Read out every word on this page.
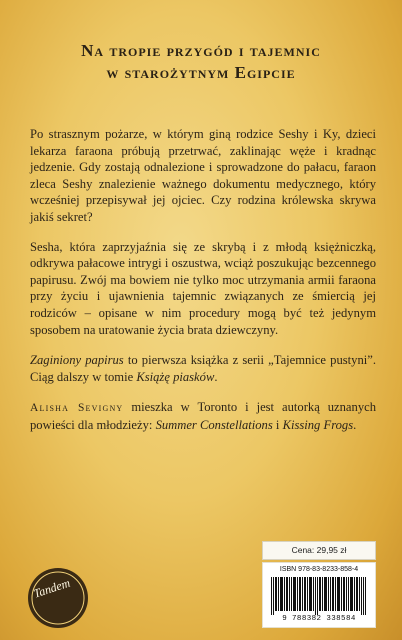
Na tropie przygód i tajemnic
w starożytnym Egipcie

Po strasznym pożarze, w którym giną rodzice Seshy i Ky, dzieci lekarza faraona próbują przetrwać, zaklinając węże i kradnąc jedzenie. Gdy zostają odnalezione i sprowadzone do pałacu, faraon zleca Seshy znalezienie ważnego dokumentu medycznego, który wcześniej przepisywał jej ojciec. Czy rodzina królewska skrywa jakiś sekret?

Sesha, która zaprzyjaźnia się ze skrybą i z młodą księżniczką, odkrywa pałacowe intrygi i oszustwa, wciąż poszukując bezcennego papirusu. Zwój ma bowiem nie tylko moc utrzymania armii faraona przy życiu i ujawnienia tajemnic związanych ze śmiercią jej rodziców – opisane w nim procedury mogą być też jedynym sposobem na uratowanie życia brata dziewczyny.

Zaginiony papirus to pierwsza książka z serii „Tajemnice pustyni”. Ciąg dalszy w tomie Książę piasków.

Alisha Sevigny mieszka w Toronto i jest autorką uznanych powieści dla młodzieży: Summer Constellations i Kissing Frogs.

Tandem
Cena: 29,95 zł
ISBN 978-83-8233-858-4
9 788382 338584
